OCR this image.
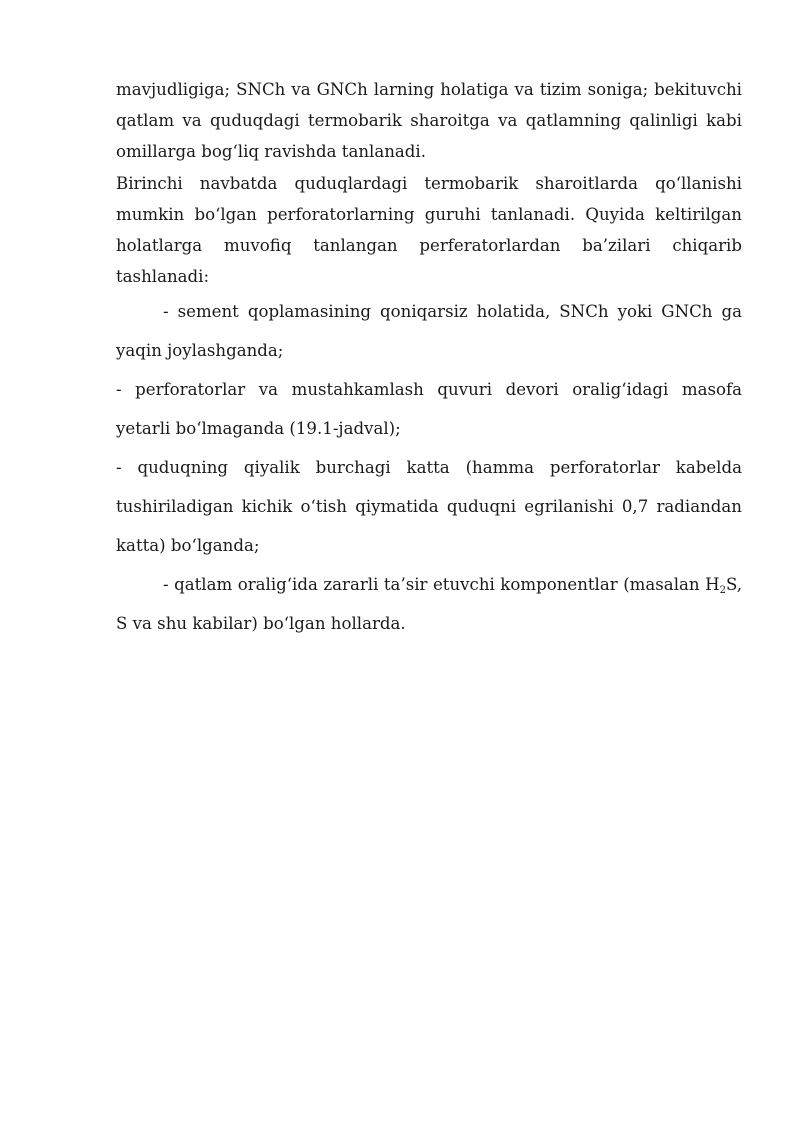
mavjudligiga; SNCh va GNCh larning holatiga va tizim soniga; bekituvchi qatlam va quduqdagi termobarik sharoitga va qatlamning qalinligi kabi omillarga bog‘liq ravishda tanlanadi.

Birinchi navbatda quduqlardagi termobarik sharoitlarda qo‘llanishi mumkin bo‘lgan perforatorlarning guruhi tanlanadi. Quyida keltirilgan holatlarga muvofiq tanlangan perferatorlardan ba’zilari chiqarib tashlanadi:

- sement qoplamasining qoniqarsiz holatida, SNCh yoki GNCh ga yaqin joylashganda;

- perforatorlar va mustahkamlash quvuri devori oralig‘idagi masofa yetarli bo‘lmaganda (19.1-jadval);

- quduqning qiyalik burchagi katta (hamma perforatorlar kabelda tushiriladigan kichik o‘tish qiymatida quduqni egrilanishi 0,7 radiandan katta) bo‘lganda;

- qatlam oralig‘ida zararli ta’sir etuvchi komponentlar (masalan $H_2S$, S va shu kabilar) bo‘lgan hollarda.
